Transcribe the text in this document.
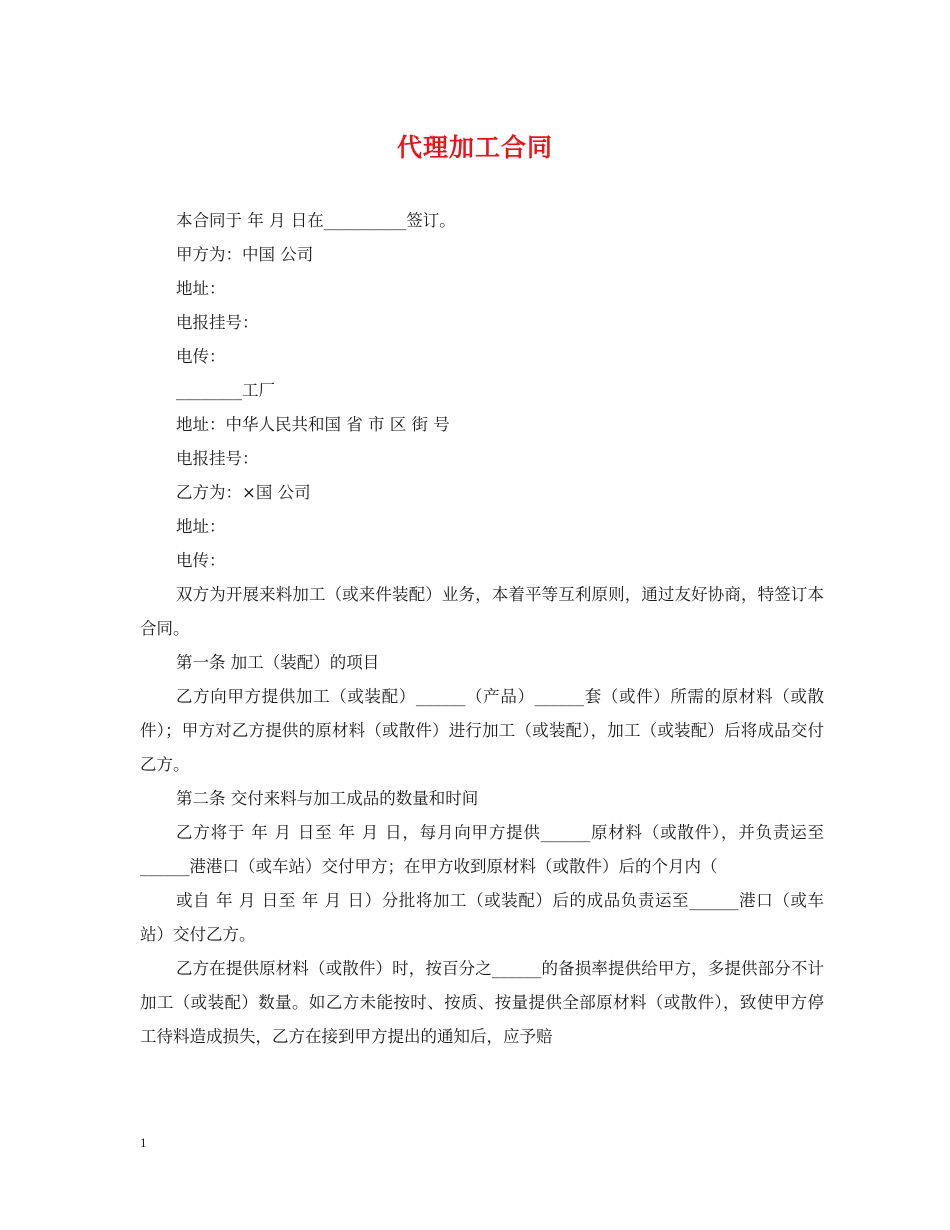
代理加工合同

本合同于 年 月 日在__________签订。

甲方为：中国 公司

地址：

电报挂号：

电传：

________工厂

地址：中华人民共和国 省 市 区 街 号

电报挂号：

乙方为：×国 公司

地址：

电传：

双方为开展来料加工（或来件装配）业务，本着平等互利原则，通过友好协商，特签订本合同。

第一条 加工（装配）的项目

乙方向甲方提供加工（或装配）______（产品）______套（或件）所需的原材料（或散件）；甲方对乙方提供的原材料（或散件）进行加工（或装配），加工（或装配）后将成品交付乙方。

第二条 交付来料与加工成品的数量和时间

乙方将于 年 月 日至 年 月 日，每月向甲方提供______原材料（或散件），并负责运至______港港口（或车站）交付甲方；在甲方收到原材料（或散件）后的个月内（

或自 年 月 日至 年 月 日）分批将加工（或装配）后的成品负责运至______港口（或车站）交付乙方。

乙方在提供原材料（或散件）时，按百分之______的备损率提供给甲方，多提供部分不计加工（或装配）数量。如乙方未能按时、按质、按量提供全部原材料（或散件），致使甲方停工待料造成损失，乙方在接到甲方提出的通知后，应予赔

1
